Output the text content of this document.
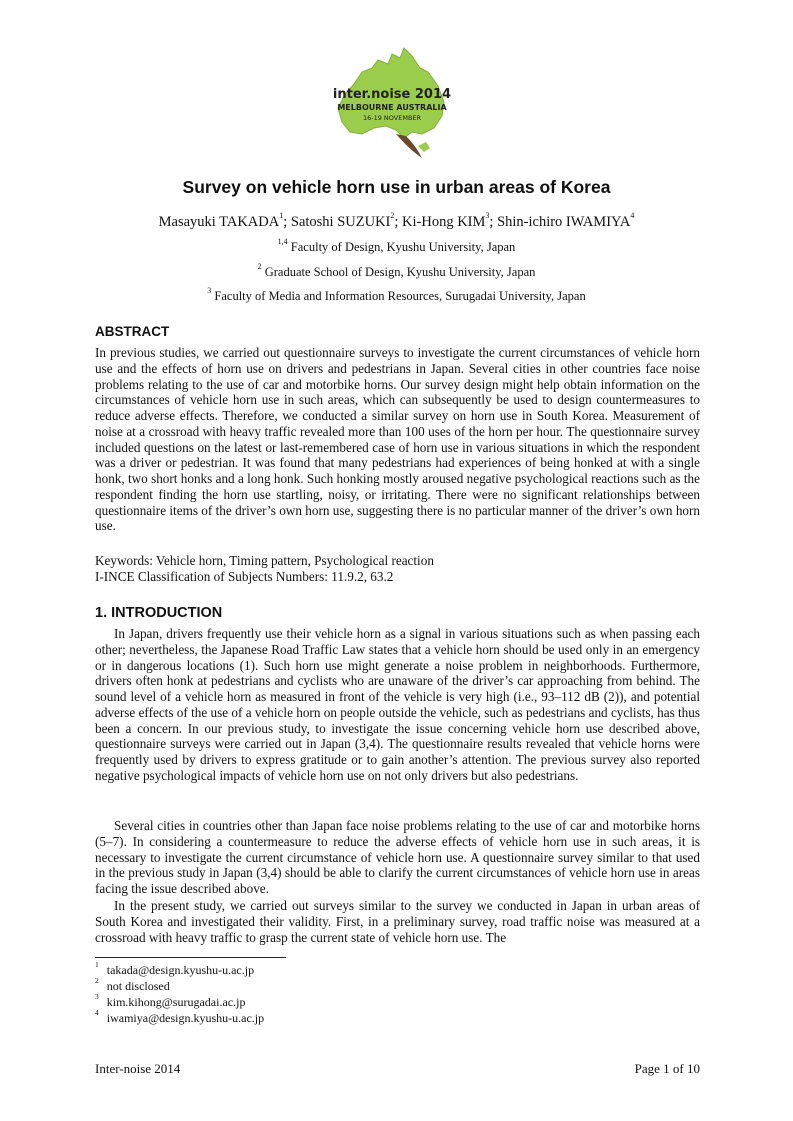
inter.noise 2014
MELBOURNE AUSTRALIA
16-19 NOVEMBER
Survey on vehicle horn use in urban areas of Korea
Masayuki TAKADA$^1$; Satoshi SUZUKI$^2$; Ki-Hong KIM$^3$; Shin-ichiro IWAMIYA$^4$
$^{1,4}$ Faculty of Design, Kyushu University, Japan
$^2$ Graduate School of Design, Kyushu University, Japan
$^3$ Faculty of Media and Information Resources, Surugadai University, Japan
ABSTRACT
In previous studies, we carried out questionnaire surveys to investigate the current circumstances of vehicle horn use and the effects of horn use on drivers and pedestrians in Japan. Several cities in other countries face noise problems relating to the use of car and motorbike horns. Our survey design might help obtain information on the circumstances of vehicle horn use in such areas, which can subsequently be used to design countermeasures to reduce adverse effects. Therefore, we conducted a similar survey on horn use in South Korea. Measurement of noise at a crossroad with heavy traffic revealed more than 100 uses of the horn per hour. The questionnaire survey included questions on the latest or last-remembered case of horn use in various situations in which the respondent was a driver or pedestrian. It was found that many pedestrians had experiences of being honked at with a single honk, two short honks and a long honk. Such honking mostly aroused negative psychological reactions such as the respondent finding the horn use startling, noisy, or irritating. There were no significant relationships between questionnaire items of the driver’s own horn use, suggesting there is no particular manner of the driver’s own horn use.
Keywords: Vehicle horn, Timing pattern, Psychological reaction
I-INCE Classification of Subjects Numbers: 11.9.2, 63.2
1. INTRODUCTION
In Japan, drivers frequently use their vehicle horn as a signal in various situations such as when passing each other; nevertheless, the Japanese Road Traffic Law states that a vehicle horn should be used only in an emergency or in dangerous locations (1). Such horn use might generate a noise problem in neighborhoods. Furthermore, drivers often honk at pedestrians and cyclists who are unaware of the driver’s car approaching from behind. The sound level of a vehicle horn as measured in front of the vehicle is very high (i.e., 93–112 dB (2)), and potential adverse effects of the use of a vehicle horn on people outside the vehicle, such as pedestrians and cyclists, has thus been a concern. In our previous study, to investigate the issue concerning vehicle horn use described above, questionnaire surveys were carried out in Japan (3,4). The questionnaire results revealed that vehicle horns were frequently used by drivers to express gratitude or to gain another’s attention. The previous survey also reported negative psychological impacts of vehicle horn use on not only drivers but also pedestrians.
Several cities in countries other than Japan face noise problems relating to the use of car and motorbike horns (5–7). In considering a countermeasure to reduce the adverse effects of vehicle horn use in such areas, it is necessary to investigate the current circumstance of vehicle horn use. A questionnaire survey similar to that used in the previous study in Japan (3,4) should be able to clarify the current circumstances of vehicle horn use in areas facing the issue described above.
In the present study, we carried out surveys similar to the survey we conducted in Japan in urban areas of South Korea and investigated their validity. First, in a preliminary survey, road traffic noise was measured at a crossroad with heavy traffic to grasp the current state of vehicle horn use. The
$^1$ takada@design.kyushu-u.ac.jp
$^2$ not disclosed
$^3$ kim.kihong@surugadai.ac.jp
$^4$ iwamiya@design.kyushu-u.ac.jp
Inter-noise 2014	Page 1 of 10
